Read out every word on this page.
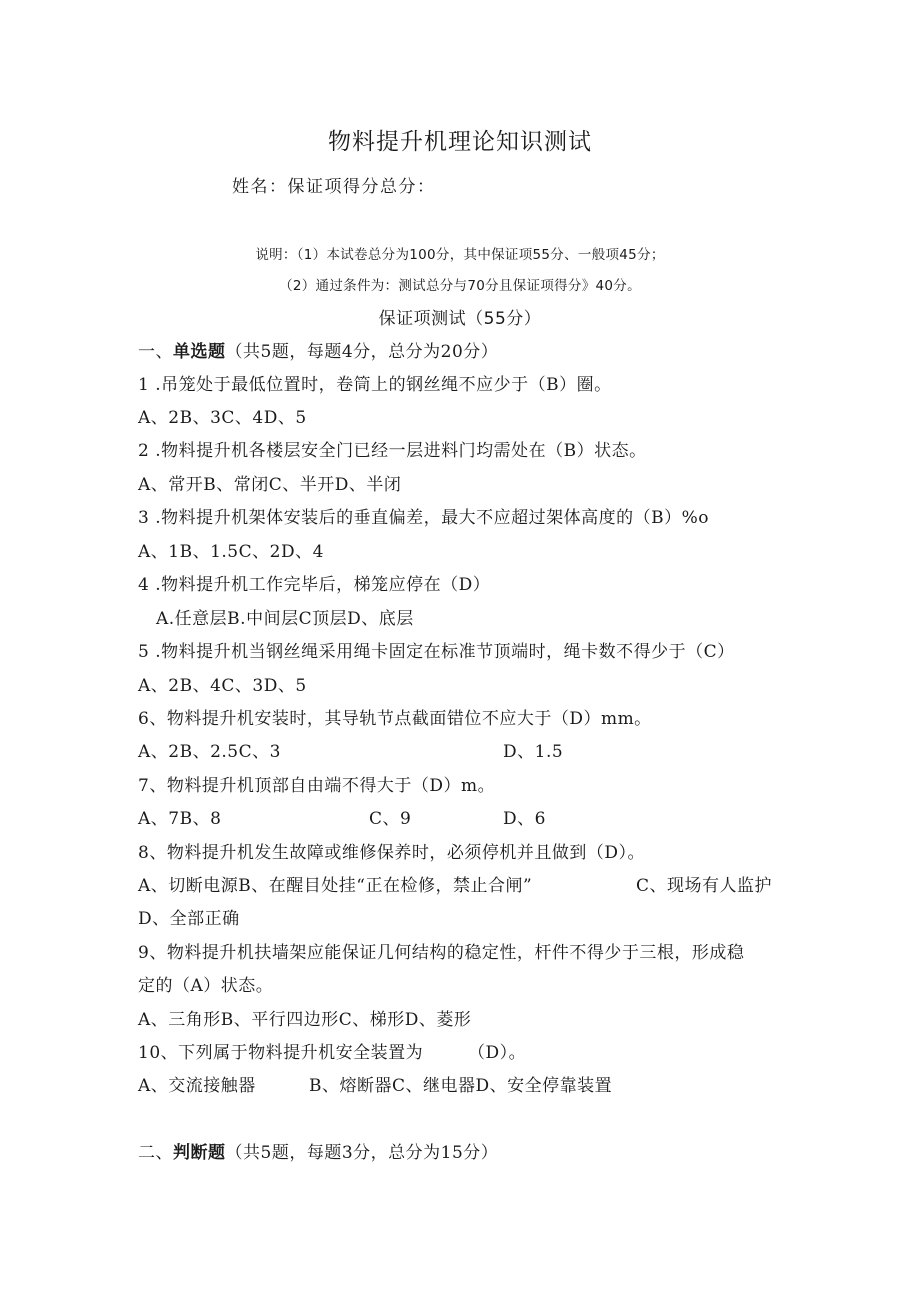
物料提升机理论知识测试
姓名：保证项得分总分：
说明：（1）本试卷总分为100分，其中保证项55分、一般项45分；
（2）通过条件为：测试总分与70分且保证项得分》40分。
保证项测试（55分）
一、单选题（共5题，每题4分，总分为20分）
1 .吊笼处于最低位置时，卷筒上的钢丝绳不应少于（B）圈。
A、2B、3C、4D、5
2 .物料提升机各楼层安全门已经一层进料门均需处在（B）状态。
A、常开B、常闭C、半开D、半闭
3 .物料提升机架体安装后的垂直偏差，最大不应超过架体高度的（B）%o
A、1B、1.5C、2D、4
4 .物料提升机工作完毕后，梯笼应停在（D）
A.任意层B.中间层C顶层D、底层
5 .物料提升机当钢丝绳采用绳卡固定在标准节顶端时，绳卡数不得少于（C）
A、2B、4C、3D、5
6、物料提升机安装时，其导轨节点截面错位不应大于（D）mm。
A、2B、2.5C、3	D、1.5
7、物料提升机顶部自由端不得大于（D）m。
A、7B、8	C、9	D、6
8、物料提升机发生故障或维修保养时，必须停机并且做到（D）。
A、切断电源B、在醒目处挂“正在检修，禁止合闸”	C、现场有人监护
D、全部正确
9、物料提升机扶墙架应能保证几何结构的稳定性，杆件不得少于三根，形成稳
定的（A）状态。
A、三角形B、平行四边形C、梯形D、菱形
10、下列属于物料提升机安全装置为	（D）。
A、交流接触器	B、熔断器C、继电器D、安全停靠装置
二、判断题（共5题，每题3分，总分为15分）
